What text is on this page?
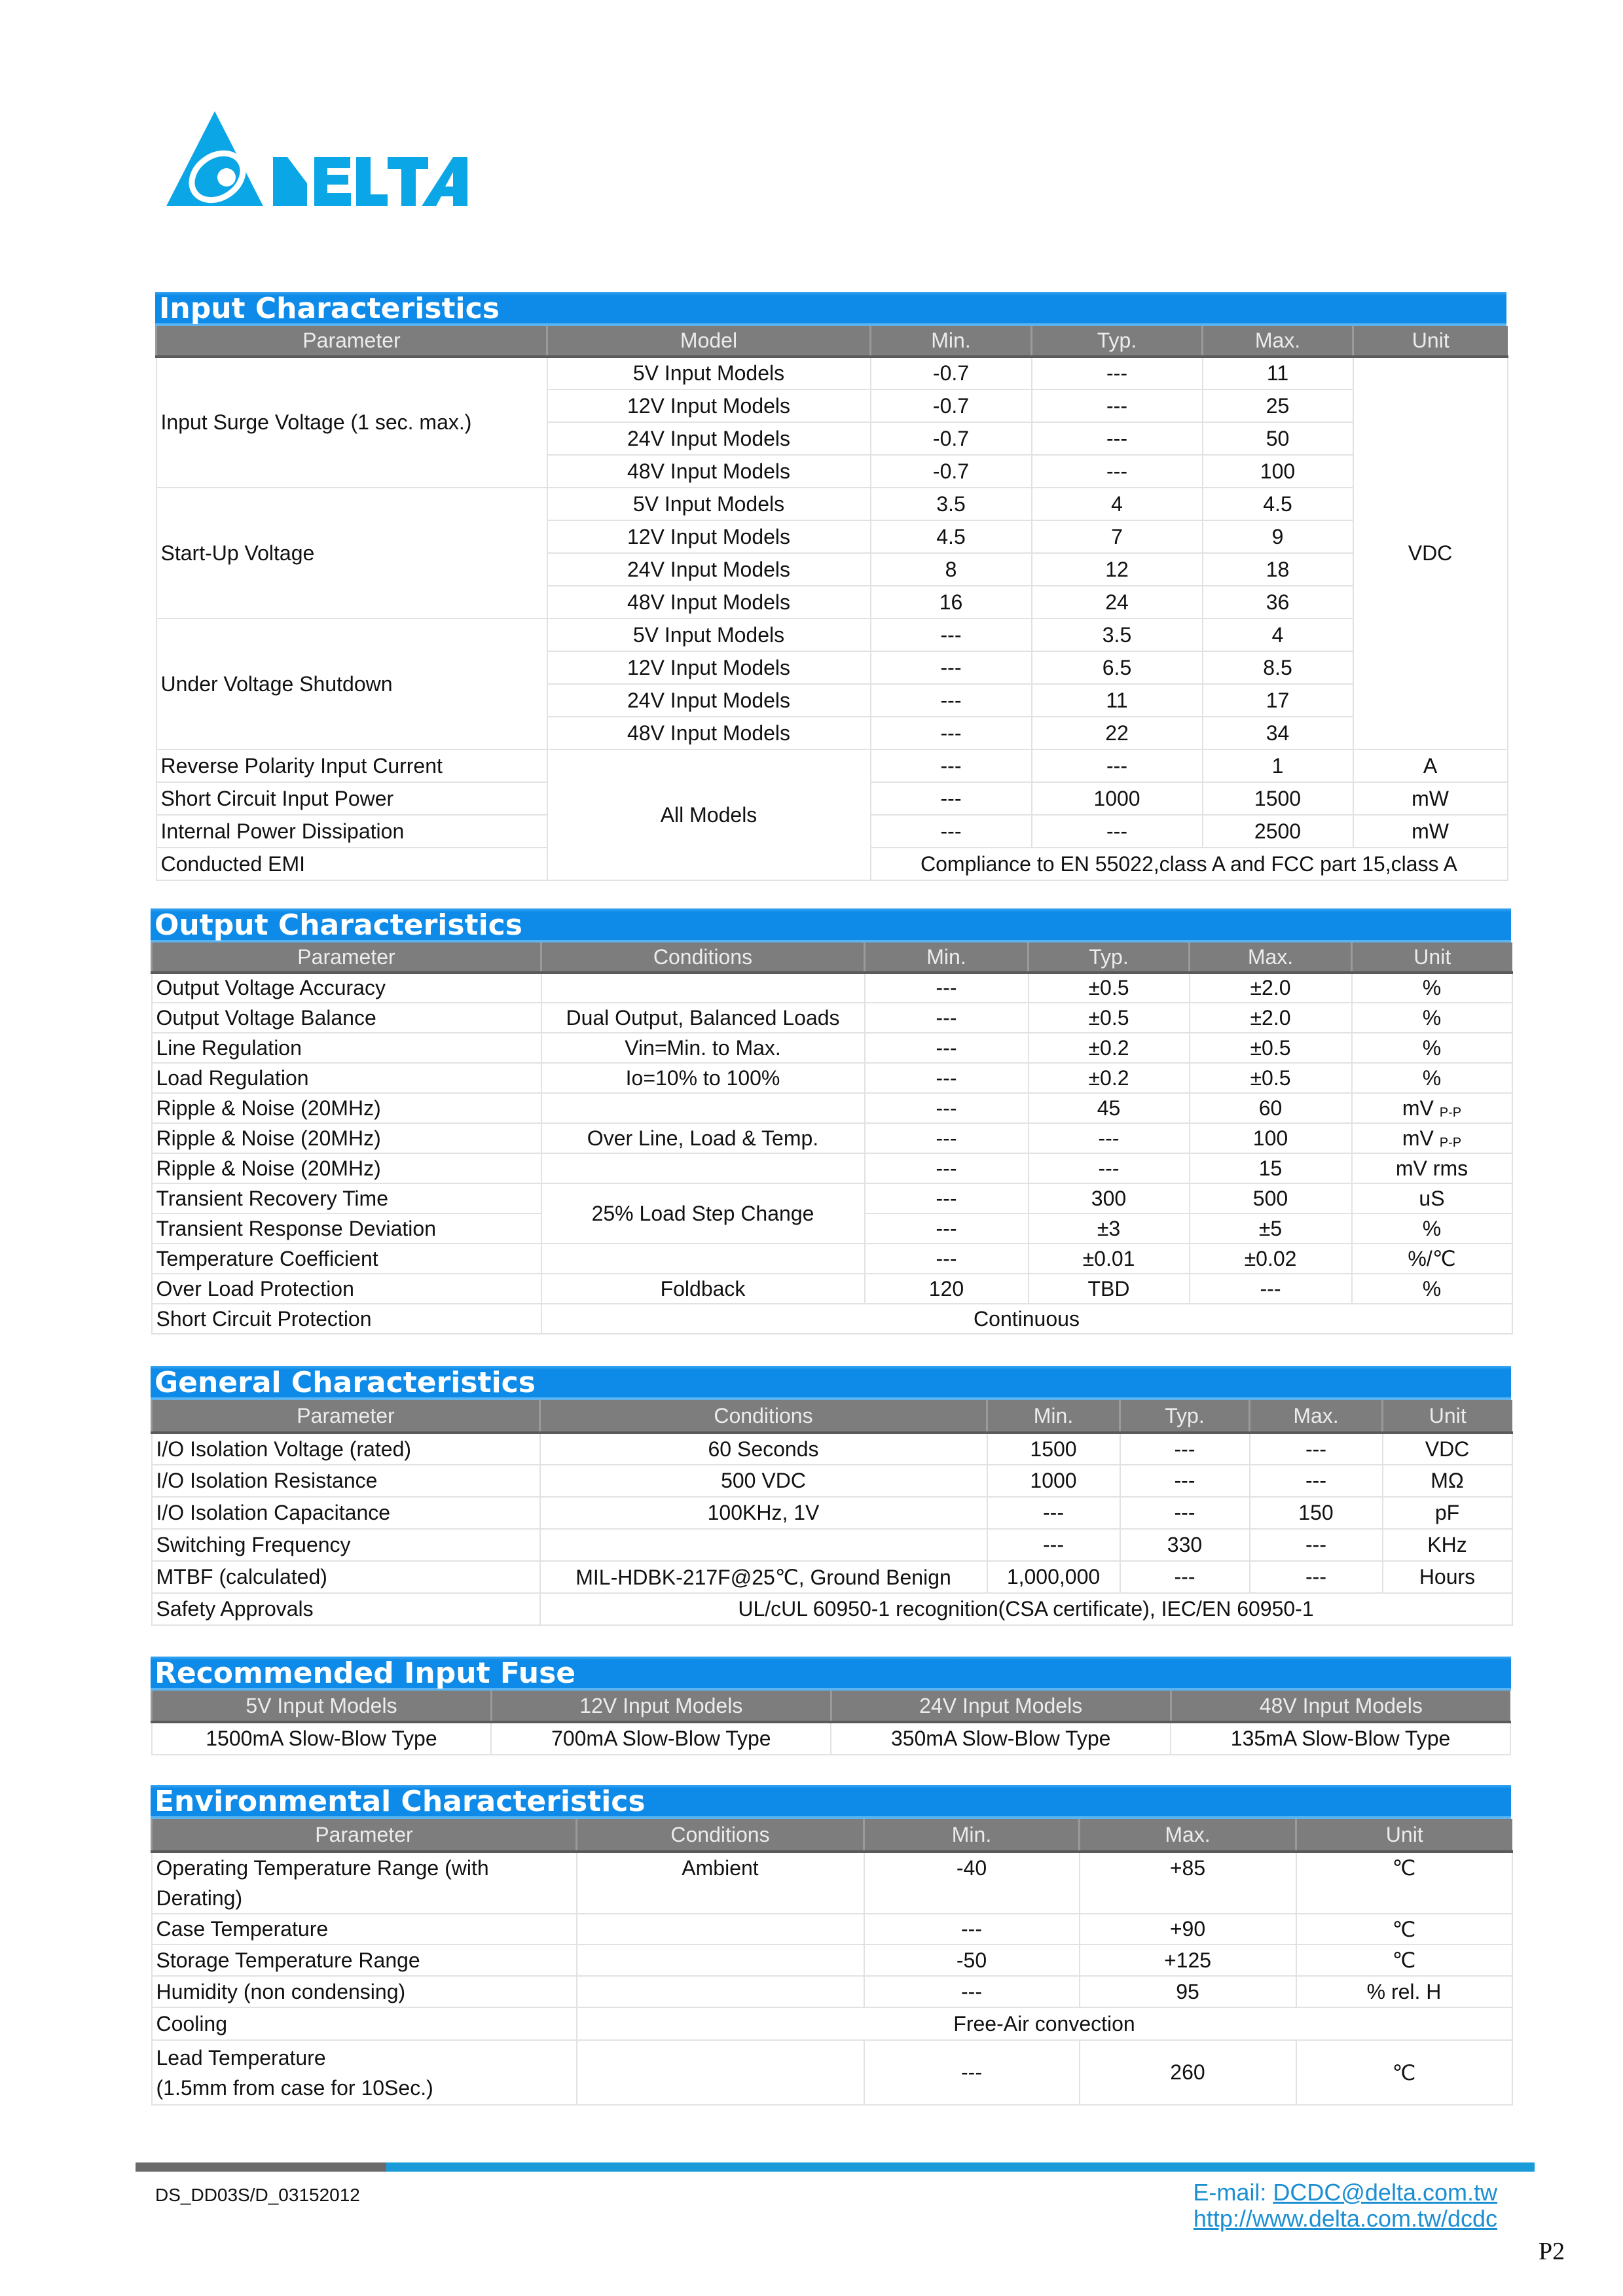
Input Characteristics
Parameter	Model	Min.	Typ.	Max.	Unit
Input Surge Voltage (1 sec. max.)	5V Input Models	-0.7	---	11	VDC
	12V Input Models	-0.7	---	25	
	24V Input Models	-0.7	---	50	
	48V Input Models	-0.7	---	100	
Start-Up Voltage	5V Input Models	3.5	4	4.5	
	12V Input Models	4.5	7	9	
	24V Input Models	8	12	18	
	48V Input Models	16	24	36	
Under Voltage Shutdown	5V Input Models	---	3.5	4	
	12V Input Models	---	6.5	8.5	
	24V Input Models	---	11	17	
	48V Input Models	---	22	34	
Reverse Polarity Input Current	All Models	---	---	1	A
Short Circuit Input Power		---	1000	1500	mW
Internal Power Dissipation		---	---	2500	mW
Conducted EMI		Compliance to EN 55022,class A and FCC part 15,class A			
Output Characteristics
Parameter	Conditions	Min.	Typ.	Max.	Unit
Output Voltage Accuracy		---	±0.5	±2.0	%
Output Voltage Balance	Dual Output, Balanced Loads	---	±0.5	±2.0	%
Line Regulation	Vin=Min. to Max.	---	±0.2	±0.5	%
Load Regulation	Io=10% to 100%	---	±0.2	±0.5	%
Ripple & Noise (20MHz)		---	45	60	mV $_{P-P}$
Ripple & Noise (20MHz)	Over Line, Load & Temp.	---	---	100	mV $_{P-P}$
Ripple & Noise (20MHz)		---	---	15	mV rms
Transient Recovery Time	25% Load Step Change	---	300	500	uS
Transient Response Deviation		---	±3	±5	%
Temperature Coefficient		---	±0.01	±0.02	%/℃
Over Load Protection	Foldback	120	TBD	---	%
Short Circuit Protection	Continuous				
General Characteristics
Parameter	Conditions	Min.	Typ.	Max.	Unit
I/O Isolation Voltage (rated)	60 Seconds	1500	---	---	VDC
I/O Isolation Resistance	500 VDC	1000	---	---	MΩ
I/O Isolation Capacitance	100KHz, 1V	---	---	150	pF
Switching Frequency		---	330	---	KHz
MTBF (calculated)	MIL-HDBK-217F@25℃, Ground Benign	1,000,000	---	---	Hours
Safety Approvals	UL/cUL 60950-1 recognition(CSA certificate), IEC/EN 60950-1				
Recommended Input Fuse
5V Input Models	12V Input Models	24V Input Models	48V Input Models
1500mA Slow-Blow Type	700mA Slow-Blow Type	350mA Slow-Blow Type	135mA Slow-Blow Type
Environmental Characteristics
Parameter	Conditions	Min.	Max.	Unit
Operating Temperature Range (with Derating)	Ambient	-40	+85	℃
Case Temperature		---	+90	℃
Storage Temperature Range		-50	+125	℃
Humidity (non condensing)		---	95	% rel. H
Cooling	Free-Air convection			

Lead Temperature
(1.5mm from case for 10Sec.)		---	260	℃
DS_DD03S/D_03152012	E-mail: DCDC@delta.com.tw
http://www.delta.com.tw/dcdc
P2
